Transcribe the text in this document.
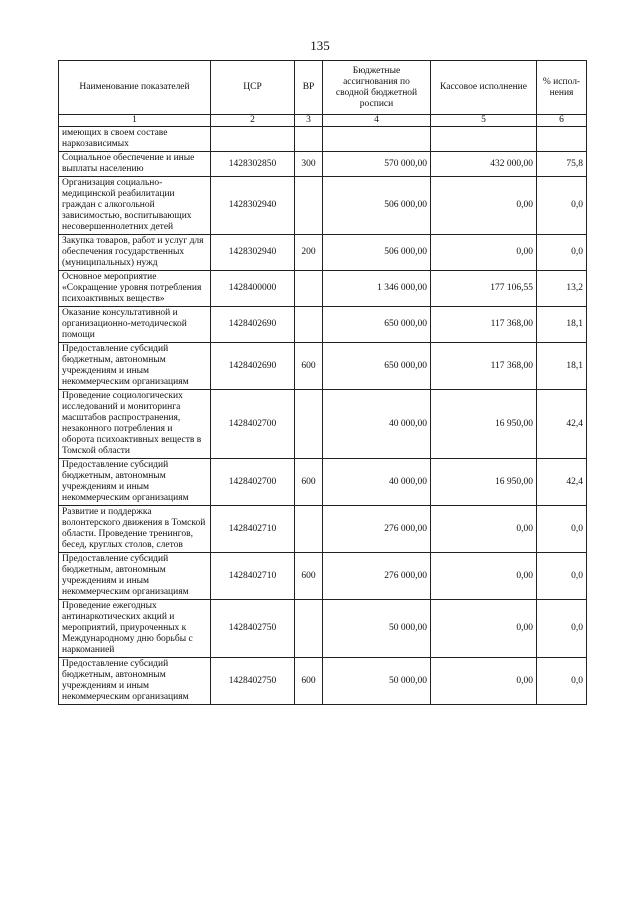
135
Наименование показателей	ЦСР	ВР	Бюджетные ассигнования по сводной бюджетной росписи	Кассовое исполнение	% испол-нения
1	2	3	4	5	6
имеющих в своем составе наркозависимых					
Социальное обеспечение и иные выплаты населению	1428302850	300	570 000,00	432 000,00	75,8
Организация социально-медицинской реабилитации граждан с алкогольной зависимостью, воспитывающих несовершеннолетних детей	1428302940		506 000,00	0,00	0,0
Закупка товаров, работ и услуг для обеспечения государственных (муниципальных) нужд	1428302940	200	506 000,00	0,00	0,0
Основное мероприятие «Сокращение уровня потребления психоактивных веществ»	1428400000		1 346 000,00	177 106,55	13,2
Оказание консультативной и организационно-методической помощи	1428402690		650 000,00	117 368,00	18,1
Предоставление субсидий бюджетным, автономным учреждениям и иным некоммерческим организациям	1428402690	600	650 000,00	117 368,00	18,1
Проведение социологических исследований и мониторинга масштабов распространения, незаконного потребления и оборота психоактивных веществ в Томской области	1428402700		40 000,00	16 950,00	42,4
Предоставление субсидий бюджетным, автономным учреждениям и иным некоммерческим организациям	1428402700	600	40 000,00	16 950,00	42,4
Развитие и поддержка волонтерского движения в Томской области. Проведение тренингов, бесед, круглых столов, слетов	1428402710		276 000,00	0,00	0,0
Предоставление субсидий бюджетным, автономным учреждениям и иным некоммерческим организациям	1428402710	600	276 000,00	0,00	0,0
Проведение ежегодных антинаркотических акций и мероприятий, приуроченных к Международному дню борьбы с наркоманией	1428402750		50 000,00	0,00	0,0
Предоставление субсидий бюджетным, автономным учреждениям и иным некоммерческим организациям	1428402750	600	50 000,00	0,00	0,0
